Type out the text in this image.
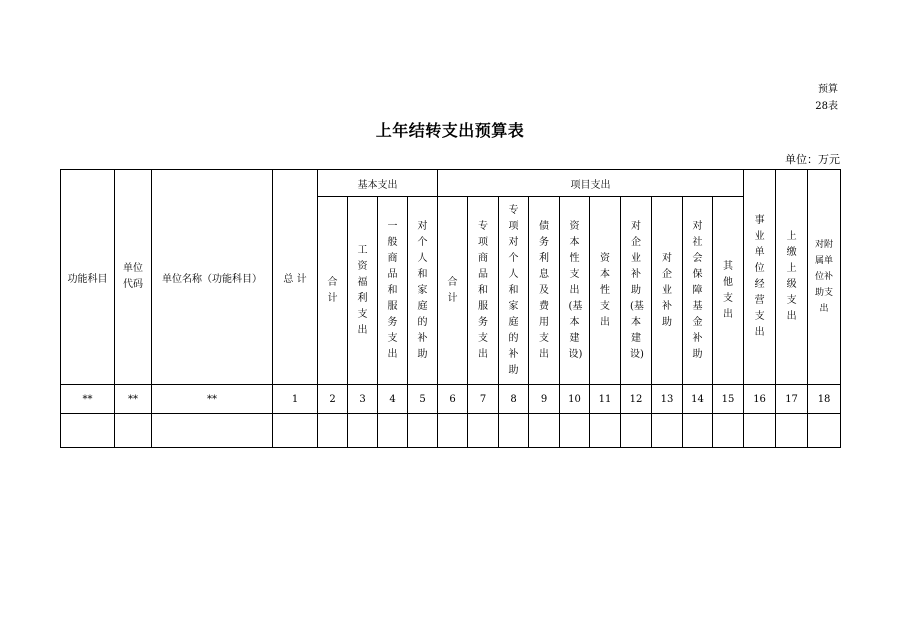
预算
28表
上年结转支出预算表
单位：万元
功能科目	单位代码	单位名称（功能科目）	总 计	基本支出				项目支出										事业单位经营支出	上缴上级支出	对附属单位补助支出
				合计	工资福利支出	一般商品和服务支出	对个人和家庭的补助	合计	专项商品和服务支出	专项对个人和家庭的补助	债务利息及费用支出	资本性支出(基本建设)	资本性支出	对企业补助(基本建设)	对企业补助	对社会保障基金补助	其他支出			
**	**	**	1	2	3	4	5	6	7	8	9	10	11	12	13	14	15	16	17	18
